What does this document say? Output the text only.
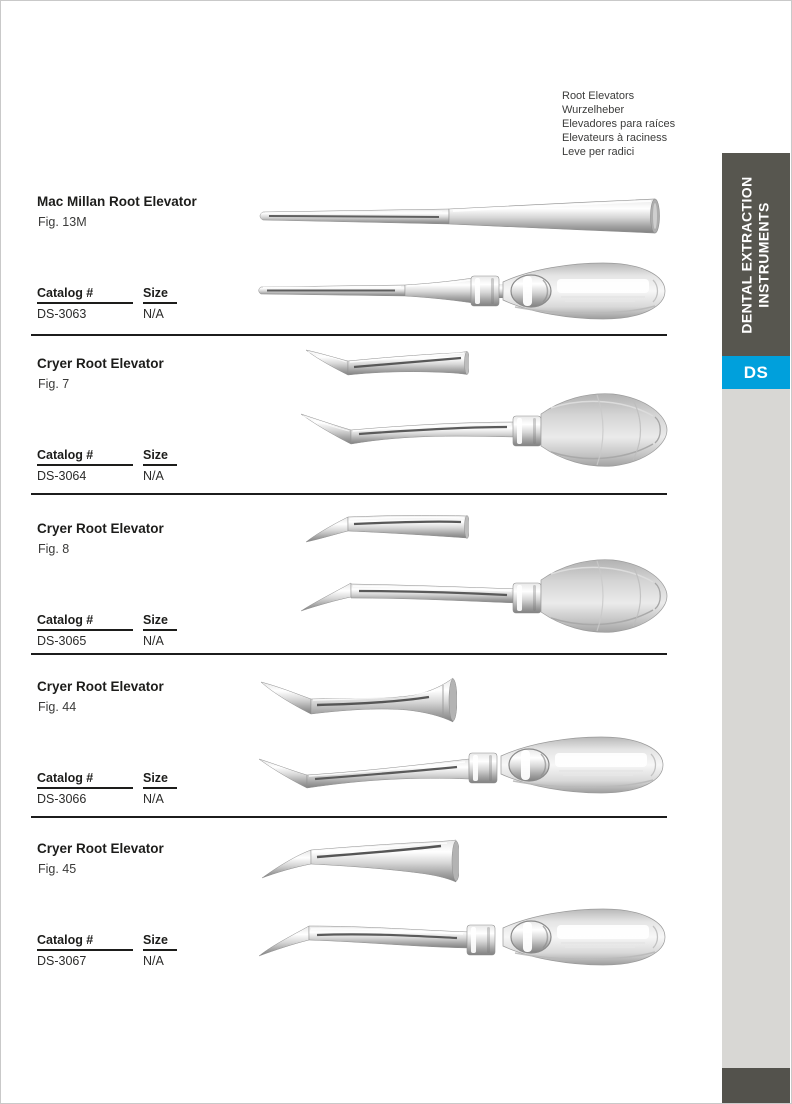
Root Elevators
Wurzelheber
Elevadores para raíces
Elevateurs à raciness
Leve per radici
DENTAL EXTRACTION
INSTRUMENTS
DS
Mac Millan Root Elevator
Fig. 13M
Catalog #
DS-3063
Size
N/A
Cryer Root Elevator
Fig. 7
Catalog #
DS-3064
Size
N/A
Cryer Root Elevator
Fig. 8
Catalog #
DS-3065
Size
N/A
Cryer Root Elevator
Fig. 44
Catalog #
DS-3066
Size
N/A
Cryer Root Elevator
Fig. 45
Catalog #
DS-3067
Size
N/A
